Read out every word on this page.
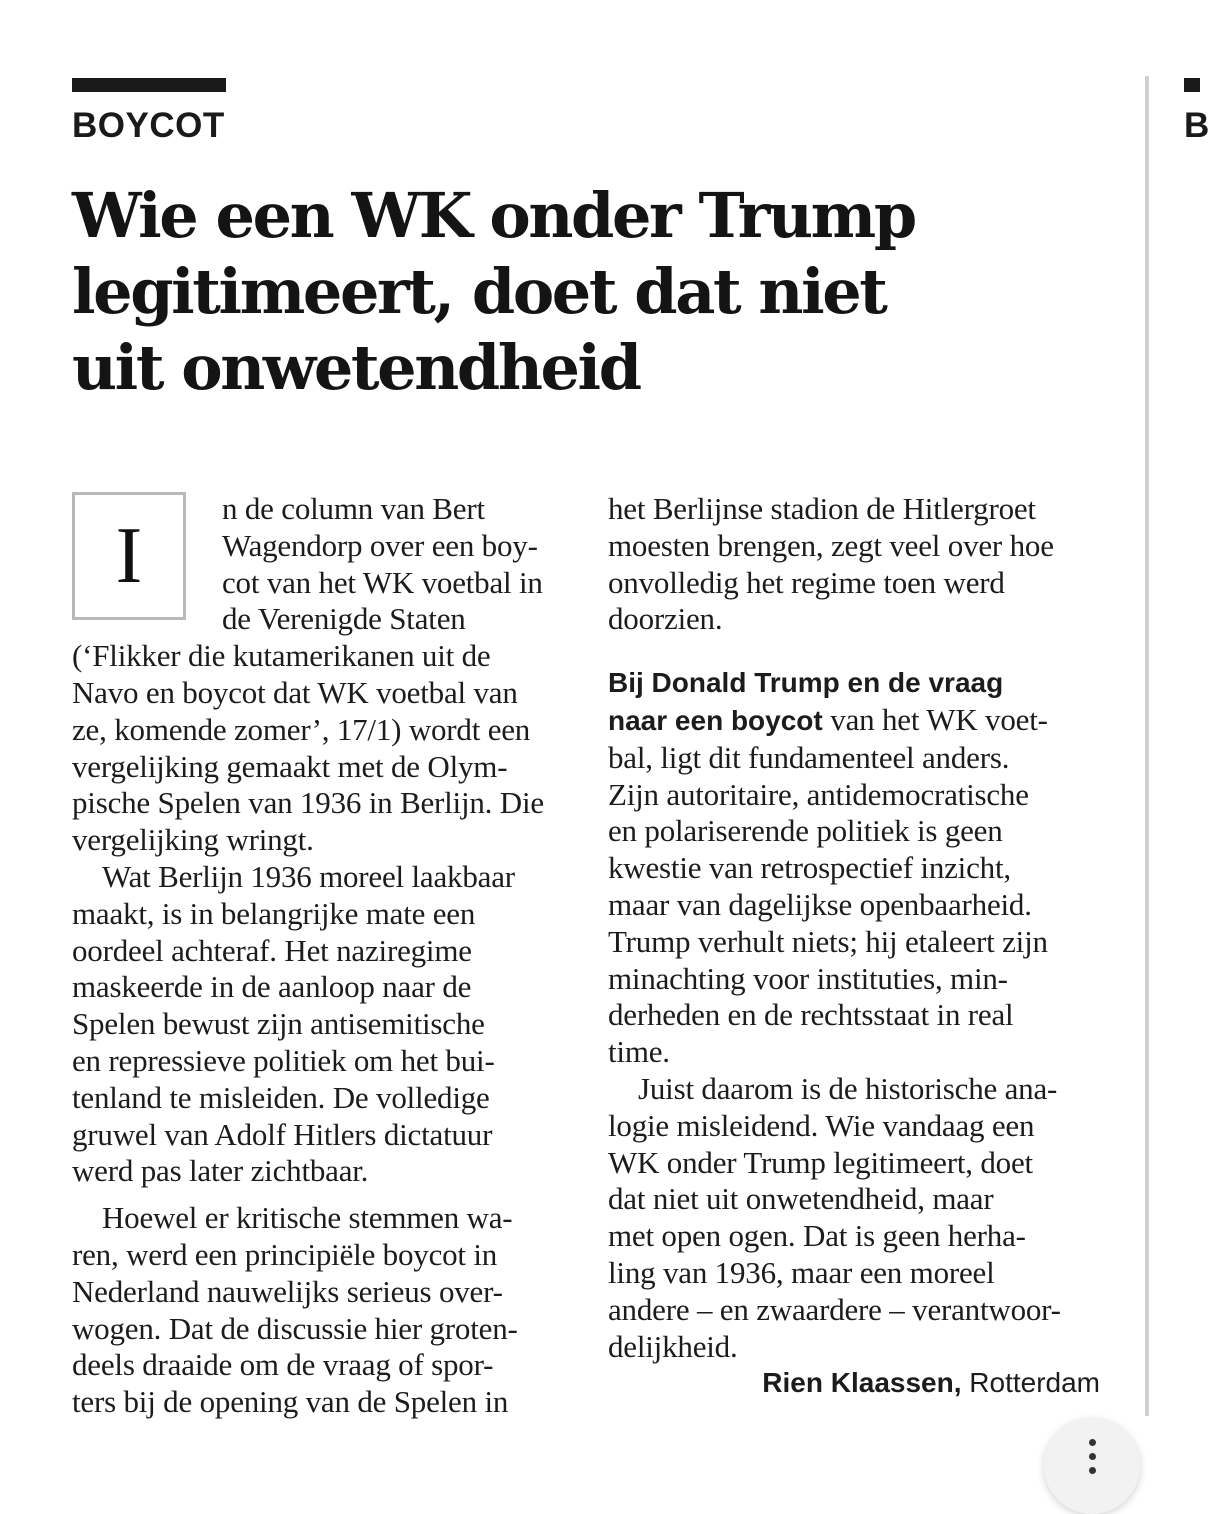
BOYCOT
Wie een WK onder Trump
legitimeert, doet dat niet
uit onwetendheid
I
n de column van Bert
Wagendorp over een boy-
cot van het WK voetbal in
de Verenigde Staten
(‘Flikker die kutamerikanen uit de
Navo en boycot dat WK voetbal van
ze, komende zomer’, 17/1) wordt een
vergelijking gemaakt met de Olym-
pische Spelen van 1936 in Berlijn. Die
vergelijking wringt.
Wat Berlijn 1936 moreel laakbaar
maakt, is in belangrijke mate een
oordeel achteraf. Het naziregime
maskeerde in de aanloop naar de
Spelen bewust zijn antisemitische
en repressieve politiek om het bui-
tenland te misleiden. De volledige
gruwel van Adolf Hitlers dictatuur
werd pas later zichtbaar.
Hoewel er kritische stemmen wa-
ren, werd een principiële boycot in
Nederland nauwelijks serieus over-
wogen. Dat de discussie hier groten-
deels draaide om de vraag of spor-
ters bij de opening van de Spelen in
het Berlijnse stadion de Hitlergroet
moesten brengen, zegt veel over hoe
onvolledig het regime toen werd
doorzien.
Bij Donald Trump en de vraag
naar een boycot van het WK voet-
bal, ligt dit fundamenteel anders.
Zijn autoritaire, antidemocratische
en polariserende politiek is geen
kwestie van retrospectief inzicht,
maar van dagelijkse openbaarheid.
Trump verhult niets; hij etaleert zijn
minachting voor instituties, min-
derheden en de rechtsstaat in real
time.
Juist daarom is de historische ana-
logie misleidend. Wie vandaag een
WK onder Trump legitimeert, doet
dat niet uit onwetendheid, maar
met open ogen. Dat is geen herha-
ling van 1936, maar een moreel
andere – en zwaardere – verantwoor-
delijkheid.
Rien Klaassen, Rotterdam
B
